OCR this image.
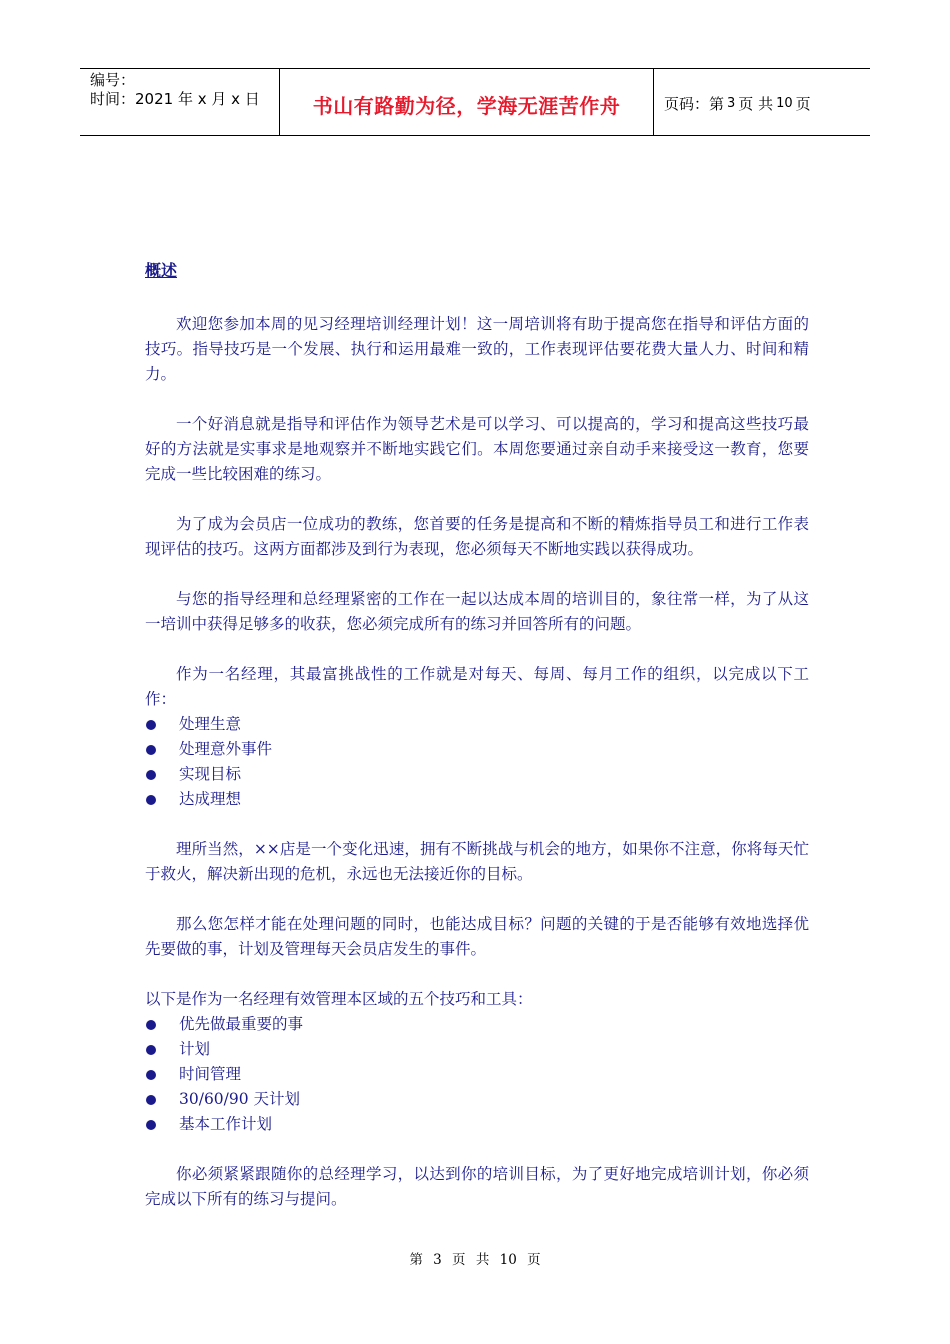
编号：
时间：2021 年 x 月 x 日	书山有路勤为径，学海无涯苦作舟	页码：第 3 页 共 10 页
概述

欢迎您参加本周的见习经理培训经理计划！这一周培训将有助于提高您在指导和评估方面的技巧。指导技巧是一个发展、执行和运用最难一致的，工作表现评估要花费大量人力、时间和精力。

一个好消息就是指导和评估作为领导艺术是可以学习、可以提高的，学习和提高这些技巧最好的方法就是实事求是地观察并不断地实践它们。本周您要通过亲自动手来接受这一教育，您要完成一些比较困难的练习。

为了成为会员店一位成功的教练，您首要的任务是提高和不断的精炼指导员工和进行工作表现评估的技巧。这两方面都涉及到行为表现，您必须每天不断地实践以获得成功。

与您的指导经理和总经理紧密的工作在一起以达成本周的培训目的，象往常一样，为了从这一培训中获得足够多的收获，您必须完成所有的练习并回答所有的问题。

作为一名经理，其最富挑战性的工作就是对每天、每周、每月工作的组织，以完成以下工作：

处理生意
处理意外事件
实现目标
达成理想

理所当然，××店是一个变化迅速，拥有不断挑战与机会的地方，如果你不注意，你将每天忙于救火，解决新出现的危机，永远也无法接近你的目标。

那么您怎样才能在处理问题的同时，也能达成目标？问题的关键的于是否能够有效地选择优先要做的事，计划及管理每天会员店发生的事件。

以下是作为一名经理有效管理本区域的五个技巧和工具：

优先做最重要的事
计划
时间管理
30/60/90 天计划
基本工作计划

你必须紧紧跟随你的总经理学习，以达到你的培训目标，为了更好地完成培训计划，你必须完成以下所有的练习与提问。

第 3 页 共 10 页
